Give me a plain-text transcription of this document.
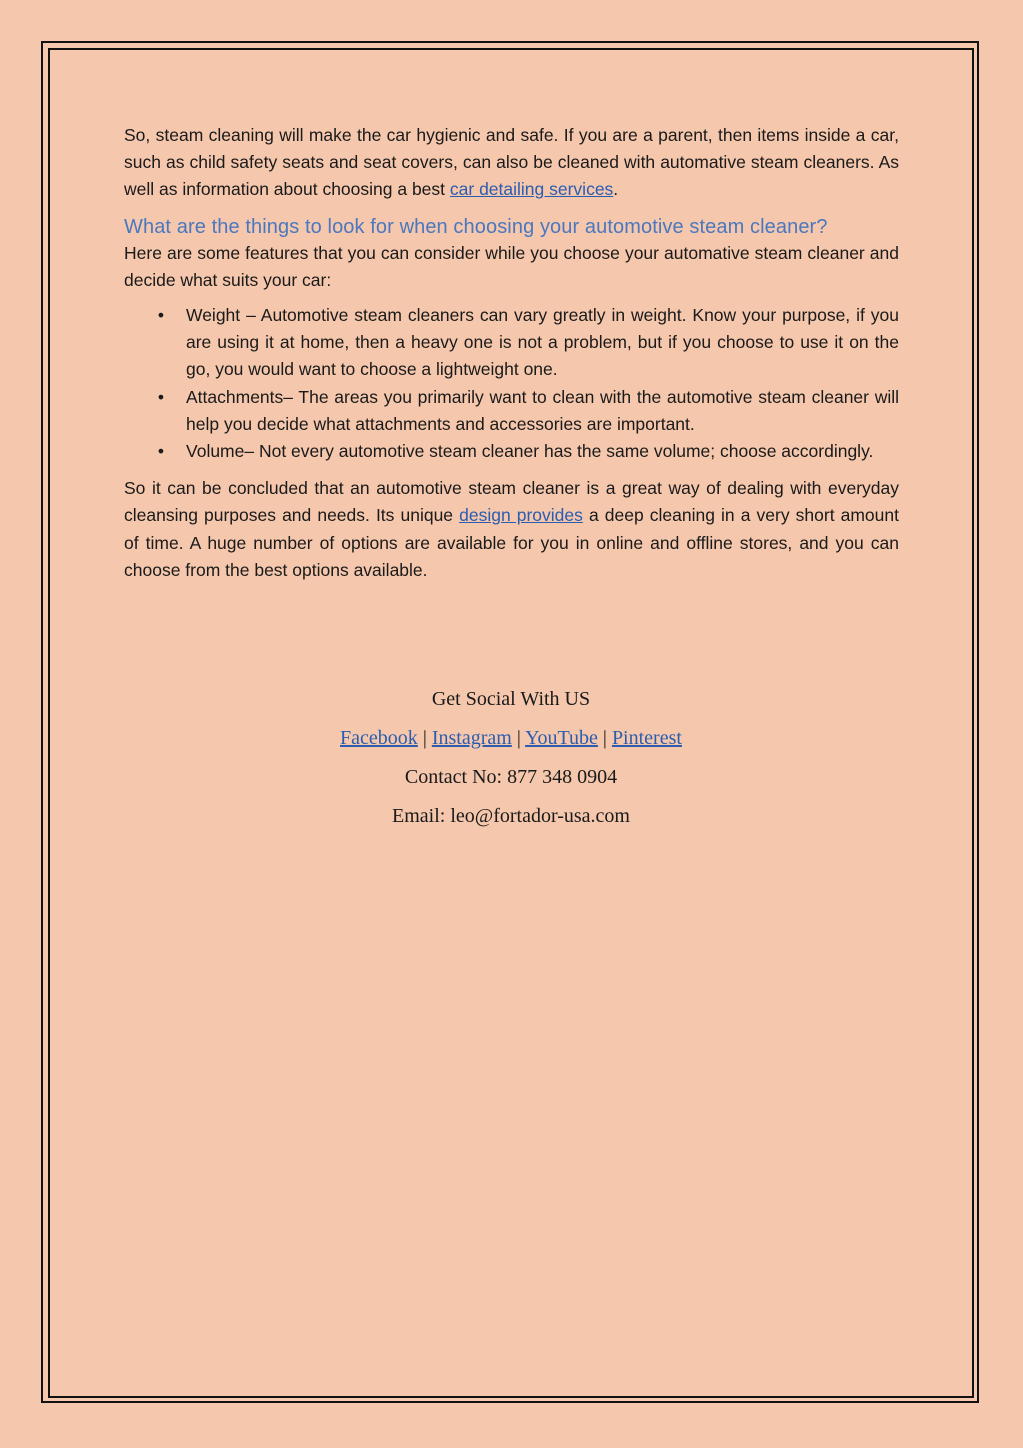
So, steam cleaning will make the car hygienic and safe. If you are a parent, then items inside a car, such as child safety seats and seat covers, can also be cleaned with automative steam cleaners. As well as information about choosing a best car detailing services.

What are the things to look for when choosing your automotive steam cleaner?

Here are some features that you can consider while you choose your automative steam cleaner and decide what suits your car:

• Weight – Automotive steam cleaners can vary greatly in weight. Know your purpose, if you are using it at home, then a heavy one is not a problem, but if you choose to use it on the go, you would want to choose a lightweight one.
• Attachments– The areas you primarily want to clean with the automotive steam cleaner will help you decide what attachments and accessories are important.
• Volume– Not every automotive steam cleaner has the same volume; choose accordingly.

So it can be concluded that an automotive steam cleaner is a great way of dealing with everyday cleansing purposes and needs. Its unique design provides a deep cleaning in a very short amount of time. A huge number of options are available for you in online and offline stores, and you can choose from the best options available.

Get Social With US
Facebook | Instagram | YouTube | Pinterest
Contact No: 877 348 0904
Email: leo@fortador-usa.com
